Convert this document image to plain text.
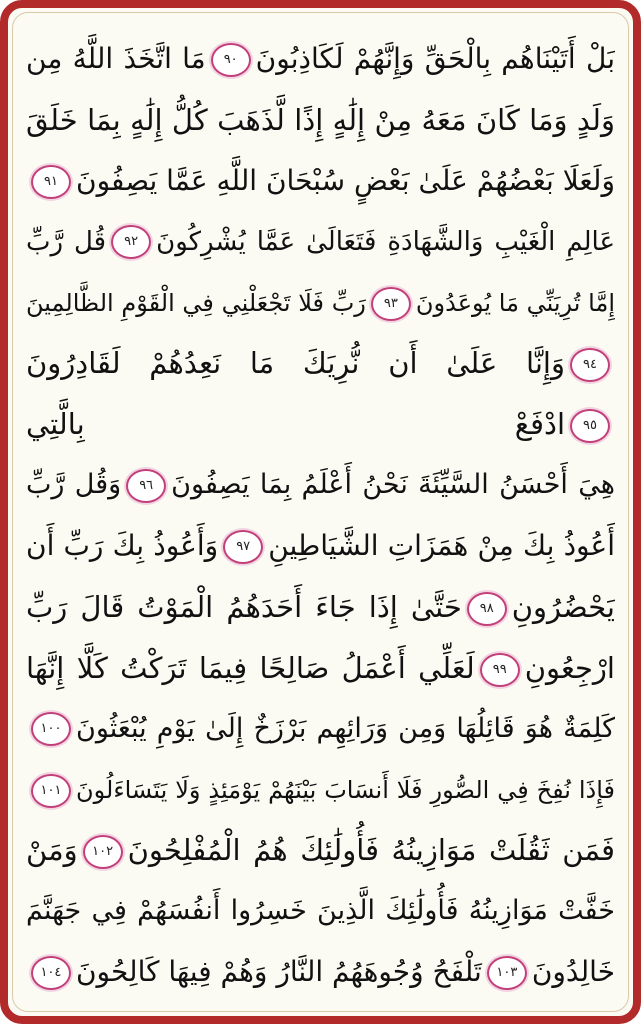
بَلْ أَتَيْنَاهُم بِالْحَقِّ وَإِنَّهُمْ لَكَاذِبُونَ٩٠مَا اتَّخَذَ اللَّهُ مِن
وَلَدٍ وَمَا كَانَ مَعَهُ مِنْ إِلَٰهٍ إِذًا لَّذَهَبَ كُلُّ إِلَٰهٍ بِمَا خَلَقَ
وَلَعَلَا بَعْضُهُمْ عَلَىٰ بَعْضٍ سُبْحَانَ اللَّهِ عَمَّا يَصِفُونَ٩١
عَالِمِ الْغَيْبِ وَالشَّهَادَةِ فَتَعَالَىٰ عَمَّا يُشْرِكُونَ٩٢قُل رَّبِّ
إِمَّا تُرِيَنِّي مَا يُوعَدُونَ٩٣رَبِّ فَلَا تَجْعَلْنِي فِي الْقَوْمِ الظَّالِمِينَ
٩٤وَإِنَّا عَلَىٰ أَن نُّرِيَكَ مَا نَعِدُهُمْ لَقَادِرُونَ
٩٥ادْفَعْ بِالَّتِي
هِيَ أَحْسَنُ السَّيِّئَةَ نَحْنُ أَعْلَمُ بِمَا يَصِفُونَ٩٦وَقُل رَّبِّ
أَعُوذُ بِكَ مِنْ هَمَزَاتِ الشَّيَاطِينِ٩٧وَأَعُوذُ بِكَ رَبِّ أَن
يَحْضُرُونِ٩٨حَتَّىٰ إِذَا جَاءَ أَحَدَهُمُ الْمَوْتُ قَالَ رَبِّ
ارْجِعُونِ٩٩لَعَلِّي أَعْمَلُ صَالِحًا فِيمَا تَرَكْتُ كَلَّا إِنَّهَا
كَلِمَةٌ هُوَ قَائِلُهَا وَمِن وَرَائِهِم بَرْزَخٌ إِلَىٰ يَوْمِ يُبْعَثُونَ١٠٠
فَإِذَا نُفِخَ فِي الصُّورِ فَلَا أَنسَابَ بَيْنَهُمْ يَوْمَئِذٍ وَلَا يَتَسَاءَلُونَ١٠١
فَمَن ثَقُلَتْ مَوَازِينُهُ فَأُولَٰئِكَ هُمُ الْمُفْلِحُونَ١٠٢وَمَنْ
خَفَّتْ مَوَازِينُهُ فَأُولَٰئِكَ الَّذِينَ خَسِرُوا أَنفُسَهُمْ فِي جَهَنَّمَ
خَالِدُونَ١٠٣تَلْفَحُ وُجُوهَهُمُ النَّارُ وَهُمْ فِيهَا كَالِحُونَ١٠٤
